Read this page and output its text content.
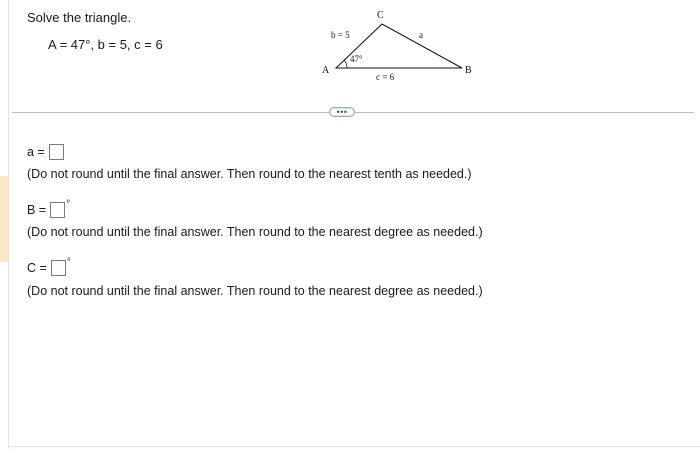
Solve the triangle.
A = 47°, b = 5, c = 6
A	B
C
a
b = 5
c = 6
47°
•••
a =
(Do not round until the final answer. Then round to the nearest tenth as needed.)
B = °
(Do not round until the final answer. Then round to the nearest degree as needed.)
C = °
(Do not round until the final answer. Then round to the nearest degree as needed.)
